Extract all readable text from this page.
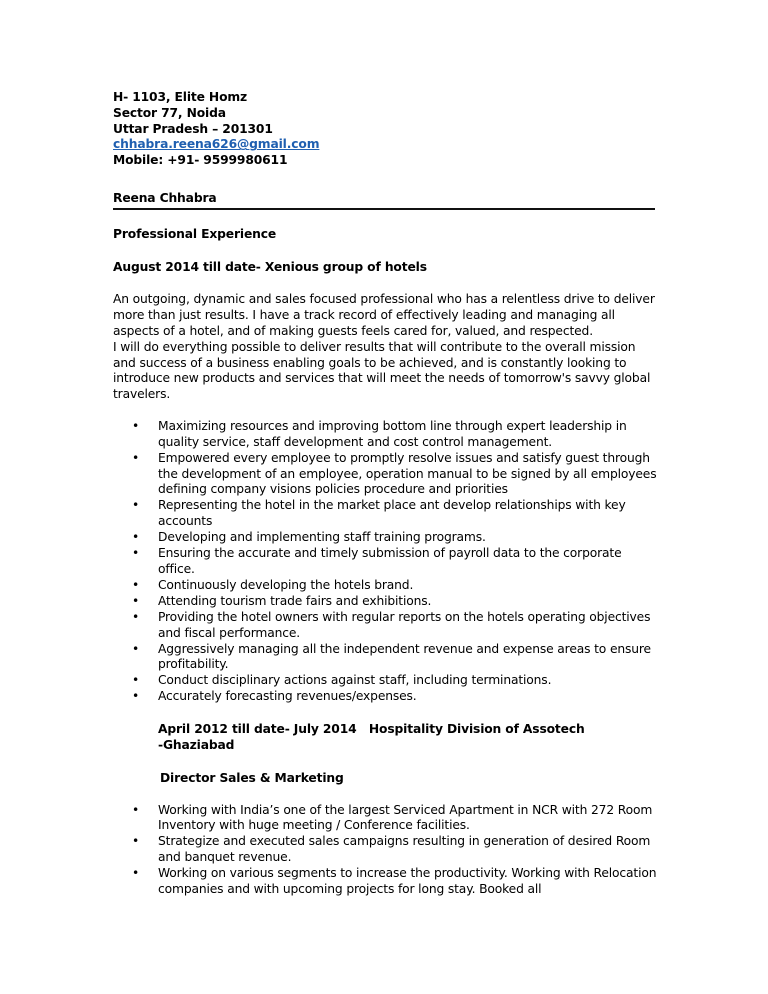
H- 1103, Elite Homz
Sector 77, Noida
Uttar Pradesh – 201301
chhabra.reena626@gmail.com
Mobile: +91- 9599980611
Reena Chhabra
Professional Experience
August 2014 till date- Xenious group of hotels

An outgoing, dynamic and sales focused professional who has a relentless drive to deliver more than just results. I have a track record of effectively leading and managing all aspects of a hotel, and of making guests feels cared for, valued, and respected.

I will do everything possible to deliver results that will contribute to the overall mission and success of a business enabling goals to be achieved, and is constantly looking to introduce new products and services that will meet the needs of tomorrow's savvy global travelers.

• Maximizing resources and improving bottom line through expert leadership in quality service, staff development and cost control management.
• Empowered every employee to promptly resolve issues and satisfy guest through the development of an employee, operation manual to be signed by all employees defining company visions policies procedure and priorities
• Representing the hotel in the market place ant develop relationships with key accounts
• Developing and implementing staff training programs.
• Ensuring the accurate and timely submission of payroll data to the corporate office.
• Continuously developing the hotels brand.
• Attending tourism trade fairs and exhibitions.
• Providing the hotel owners with regular reports on the hotels operating objectives and fiscal performance.
• Aggressively managing all the independent revenue and expense areas to ensure profitability.
• Conduct disciplinary actions against staff, including terminations.
• Accurately forecasting revenues/expenses.
April 2012 till date- July 2014   Hospitality Division of Assotech
-Ghaziabad
Director Sales & Marketing
• Working with India’s one of the largest Serviced Apartment in NCR with 272 Room Inventory with huge meeting / Conference facilities.
• Strategize and executed sales campaigns resulting in generation of desired Room and banquet revenue.
• Working on various segments to increase the productivity. Working with Relocation companies and with upcoming projects for long stay. Booked all
